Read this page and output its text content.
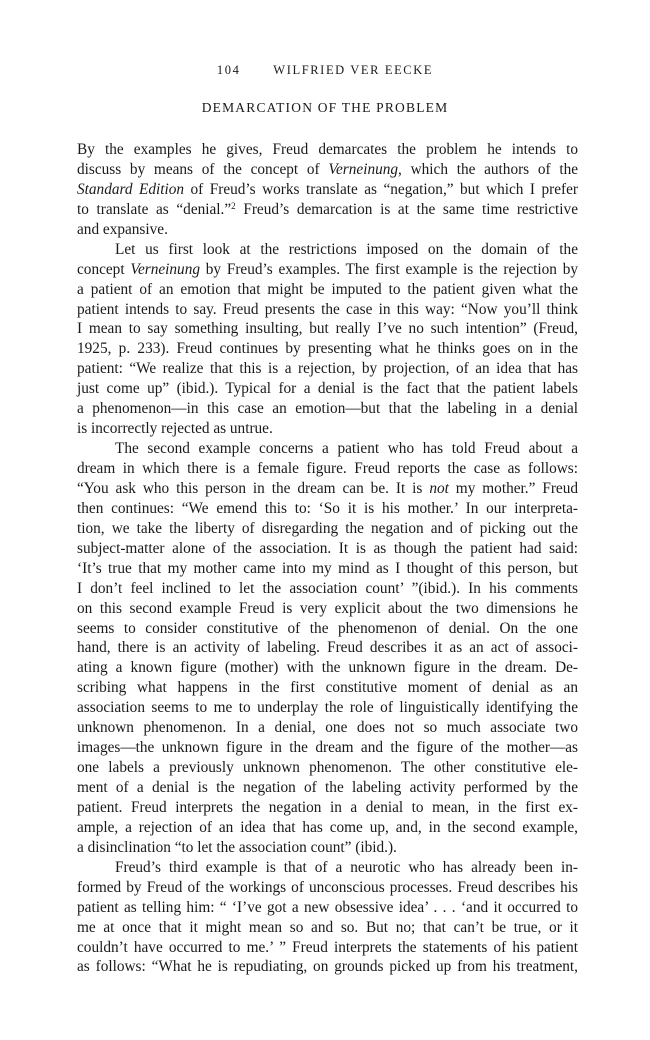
104	WILFRIED VER EECKE
DEMARCATION OF THE PROBLEM
By the examples he gives, Freud demarcates the problem he intends to
discuss by means of the concept of Verneinung, which the authors of the
Standard Edition of Freud’s works translate as “negation,” but which I prefer
to translate as “denial.”$^2$ Freud’s demarcation is at the same time restrictive
and expansive.
Let us first look at the restrictions imposed on the domain of the
concept Verneinung by Freud’s examples. The first example is the rejection by
a patient of an emotion that might be imputed to the patient given what the
patient intends to say. Freud presents the case in this way: “Now you’ll think
I mean to say something insulting, but really I’ve no such intention” (Freud,
1925, p. 233). Freud continues by presenting what he thinks goes on in the
patient: “We realize that this is a rejection, by projection, of an idea that has
just come up” (ibid.). Typical for a denial is the fact that the patient labels
a phenomenon—in this case an emotion—but that the labeling in a denial
is incorrectly rejected as untrue.
The second example concerns a patient who has told Freud about a
dream in which there is a female figure. Freud reports the case as follows:
“You ask who this person in the dream can be. It is not my mother.” Freud
then continues: “We emend this to: ‘So it is his mother.’ In our interpreta-
tion, we take the liberty of disregarding the negation and of picking out the
subject-matter alone of the association. It is as though the patient had said:
‘It’s true that my mother came into my mind as I thought of this person, but
I don’t feel inclined to let the association count’ ”(ibid.). In his comments
on this second example Freud is very explicit about the two dimensions he
seems to consider constitutive of the phenomenon of denial. On the one
hand, there is an activity of labeling. Freud describes it as an act of associ-
ating a known figure (mother) with the unknown figure in the dream. De-
scribing what happens in the first constitutive moment of denial as an
association seems to me to underplay the role of linguistically identifying the
unknown phenomenon. In a denial, one does not so much associate two
images—the unknown figure in the dream and the figure of the mother—as
one labels a previously unknown phenomenon. The other constitutive ele-
ment of a denial is the negation of the labeling activity performed by the
patient. Freud interprets the negation in a denial to mean, in the first ex-
ample, a rejection of an idea that has come up, and, in the second example,
a disinclination “to let the association count” (ibid.).
Freud’s third example is that of a neurotic who has already been in-
formed by Freud of the workings of unconscious processes. Freud describes his
patient as telling him: “ ‘I’ve got a new obsessive idea’ . . . ‘and it occurred to
me at once that it might mean so and so. But no; that can’t be true, or it
couldn’t have occurred to me.’ ” Freud interprets the statements of his patient
as follows: “What he is repudiating, on grounds picked up from his treatment,
